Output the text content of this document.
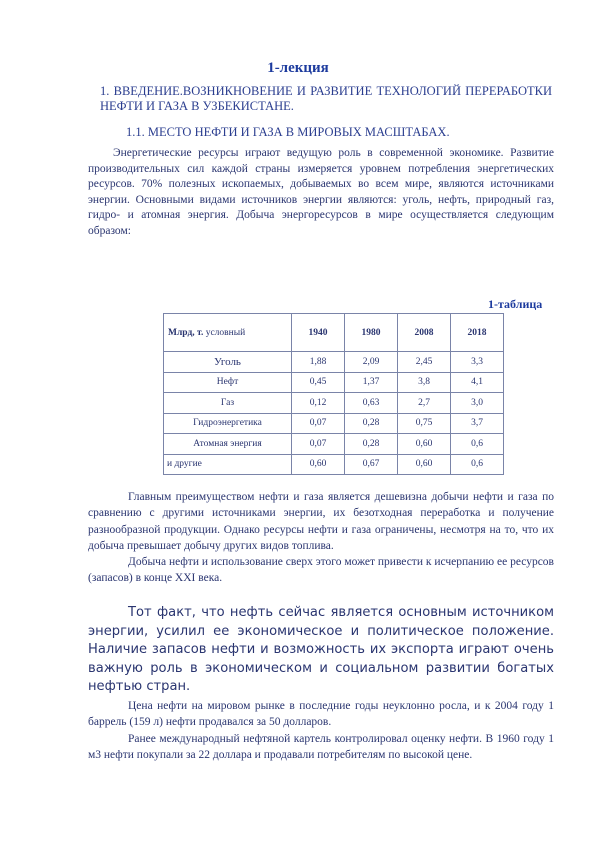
1-лекция
1. ВВЕДЕНИЕ.ВОЗНИКНОВЕНИЕ И РАЗВИТИЕ ТЕХНОЛОГИЙ ПЕРЕРАБОТКИ НЕФТИ И ГАЗА В УЗБЕКИСТАНЕ.
1.1. МЕСТО НЕФТИ И ГАЗА В МИРОВЫХ МАСШТАБАХ.
Энергетические ресурсы играют ведущую роль в современной экономике. Развитие производительных сил каждой страны измеряется уровнем потребления энергетических ресурсов. 70% полезных ископаемых, добываемых во всем мире, являются источниками энергии. Основными видами источников энергии являются: уголь, нефть, природный газ, гидро- и атомная энергия. Добыча энергоресурсов в мире осуществляется следующим образом:
1-таблица
Млрд, т. условный	1940	1980	2008	2018
Уголь	1,88	2,09	2,45	3,3
Нефт	0,45	1,37	3,8	4,1
Газ	0,12	0,63	2,7	3,0
Гидроэнергетика	0,07	0,28	0,75	3,7
Атомная энергия	0,07	0,28	0,60	0,6
и другие	0,60	0,67	0,60	0,6

Главным преимуществом нефти и газа является дешевизна добычи нефти и газа по сравнению с другими источниками энергии, их безотходная переработка и получение разнообразной продукции. Однако ресурсы нефти и газа ограничены, несмотря на то, что их добыча превышает добычу других видов топлива.

Добыча нефти и использование сверх этого может привести к исчерпанию ее ресурсов (запасов) в конце XXI века.

Тот факт, что нефть сейчас является основным источником энергии, усилил ее экономическое и политическое положение. Наличие запасов нефти и возможность их экспорта играют очень важную роль в экономическом и социальном развитии богатых нефтью стран.

Цена нефти на мировом рынке в последние годы неуклонно росла, и к 2004 году 1 баррель (159 л) нефти продавался за 50 долларов.

Ранее международный нефтяной картель контролировал оценку нефти. В 1960 году 1 м3 нефти покупали за 22 доллара и продавали потребителям по высокой цене.
